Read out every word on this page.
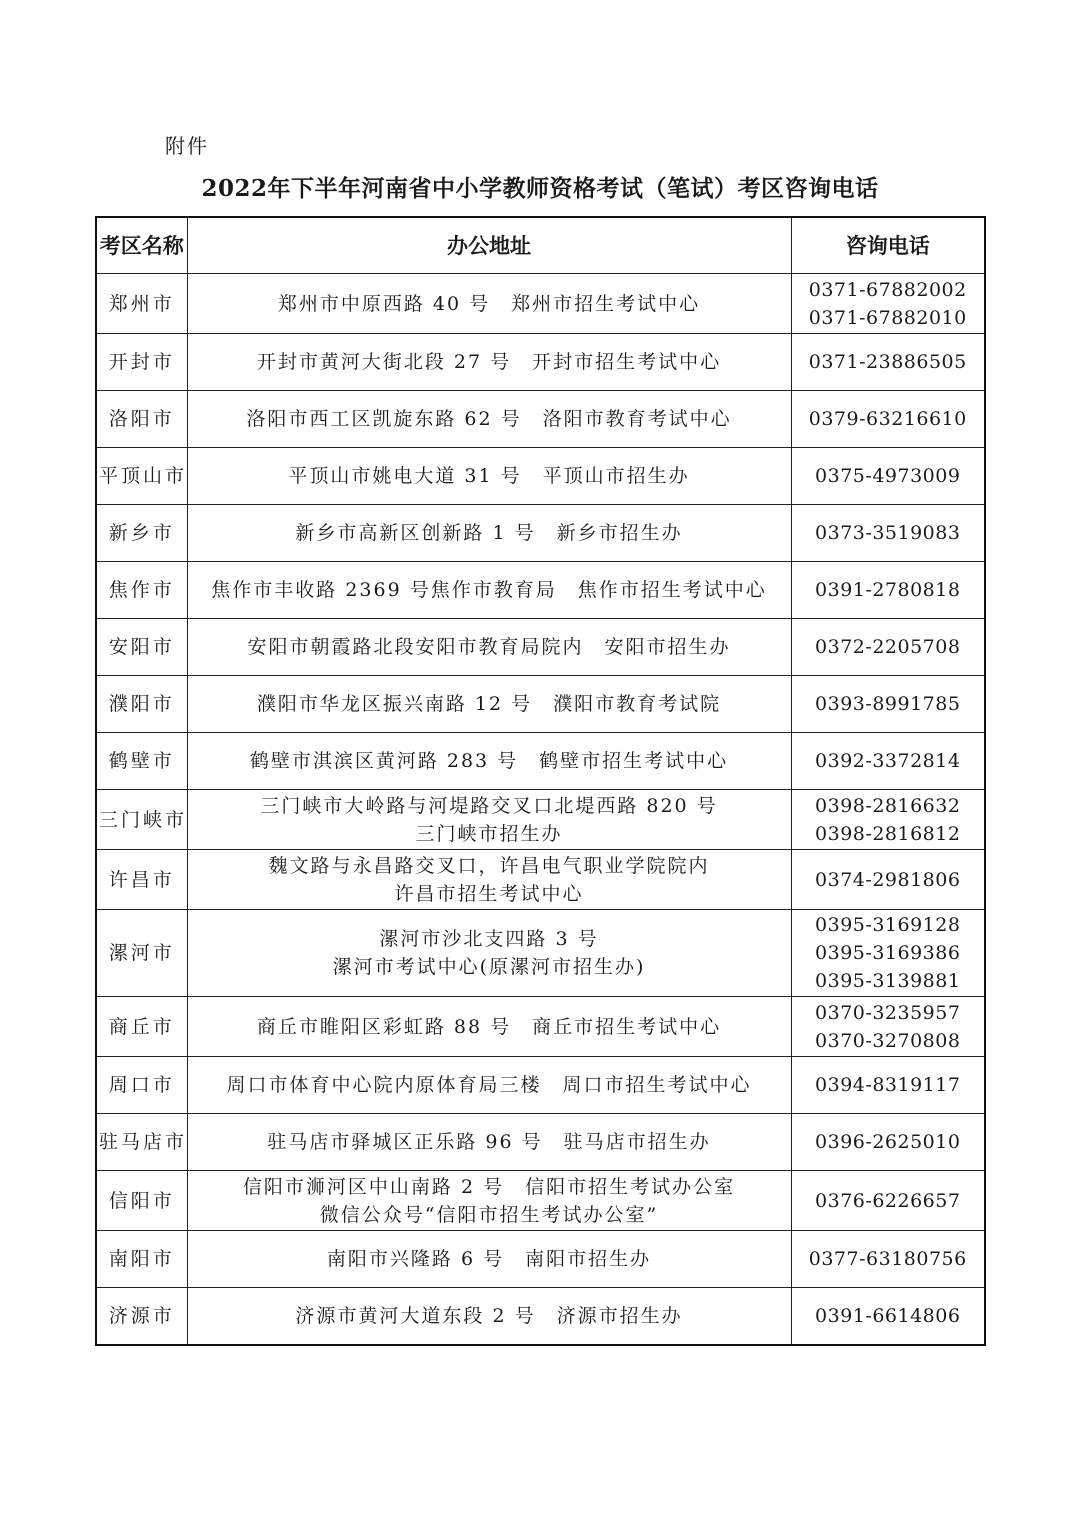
附件
2022年下半年河南省中小学教师资格考试（笔试）考区咨询电话
考区名称	办公地址	咨询电话
郑州市	郑州市中原西路 40 号　郑州市招生考试中心	0371-67882002
0371-67882010

开封市	开封市黄河大街北段 27 号　开封市招生考试中心	0371-23886505

洛阳市	洛阳市西工区凯旋东路 62 号　洛阳市教育考试中心	0379-63216610

平顶山市	平顶山市姚电大道 31 号　平顶山市招生办	0375-4973009

新乡市	新乡市高新区创新路 1 号　新乡市招生办	0373-3519083

焦作市	焦作市丰收路 2369 号焦作市教育局　焦作市招生考试中心	0391-2780818

安阳市	安阳市朝霞路北段安阳市教育局院内　安阳市招生办	0372-2205708

濮阳市	濮阳市华龙区振兴南路 12 号　濮阳市教育考试院	0393-8991785

鹤壁市	鹤壁市淇滨区黄河路 283 号　鹤壁市招生考试中心	0392-3372814

三门峡市	三门峡市大岭路与河堤路交叉口北堤西路 820 号
三门峡市招生办	0398-2816632
0398-2816812

许昌市	魏文路与永昌路交叉口，许昌电气职业学院院内
许昌市招生考试中心	0374-2981806

漯河市	漯河市沙北支四路 3 号
漯河市考试中心(原漯河市招生办)	0395-3169128
0395-3169386
0395-3139881

商丘市	商丘市睢阳区彩虹路 88 号　商丘市招生考试中心	0370-3235957
0370-3270808

周口市	周口市体育中心院内原体育局三楼　周口市招生考试中心	0394-8319117

驻马店市	驻马店市驿城区正乐路 96 号　驻马店市招生办	0396-2625010

信阳市	信阳市浉河区中山南路 2 号　信阳市招生考试办公室
微信公众号“信阳市招生考试办公室”	0376-6226657

南阳市	南阳市兴隆路 6 号　南阳市招生办	0377-63180756

济源市	济源市黄河大道东段 2 号　济源市招生办	0391-6614806
